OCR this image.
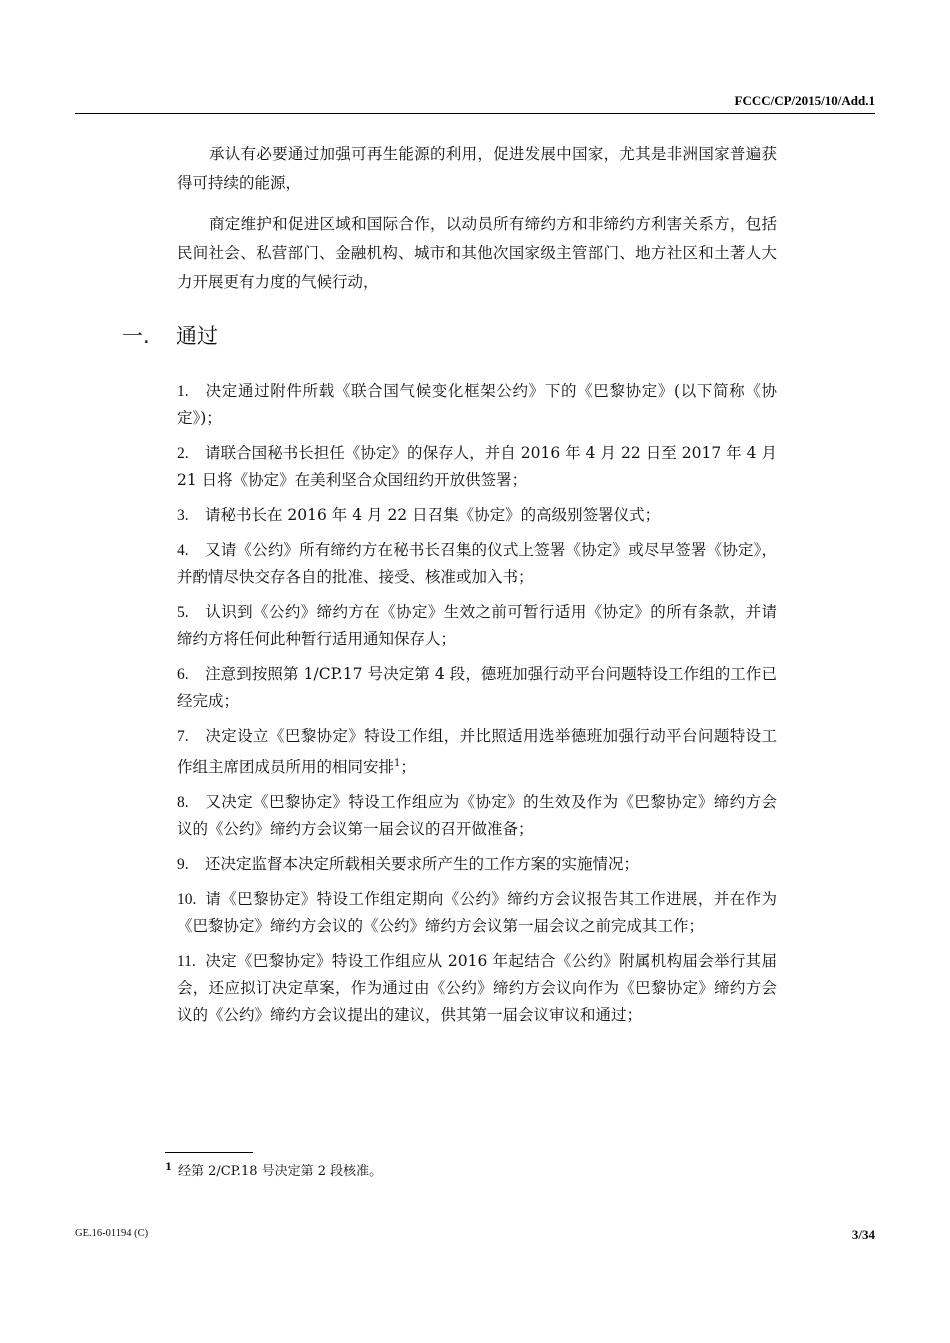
FCCC/CP/2015/10/Add.1

承认有必要通过加强可再生能源的利用，促进发展中国家，尤其是非洲国家普遍获得可持续的能源，

商定维护和促进区域和国际合作，以动员所有缔约方和非缔约方利害关系方，包括民间社会、私营部门、金融机构、城市和其他次国家级主管部门、地方社区和土著人大力开展更有力度的气候行动，

一.	通过

1. 决定通过附件所载《联合国气候变化框架公约》下的《巴黎协定》(以下简称《协定》)；

2. 请联合国秘书长担任《协定》的保存人，并自 2016 年 4 月 22 日至 2017 年 4 月 21 日将《协定》在美利坚合众国纽约开放供签署；

3. 请秘书长在 2016 年 4 月 22 日召集《协定》的高级别签署仪式；

4. 又请《公约》所有缔约方在秘书长召集的仪式上签署《协定》或尽早签署《协定》，并酌情尽快交存各自的批准、接受、核准或加入书；

5. 认识到《公约》缔约方在《协定》生效之前可暂行适用《协定》的所有条款，并请缔约方将任何此种暂行适用通知保存人；

6. 注意到按照第 1/CP.17 号决定第 4 段，德班加强行动平台问题特设工作组的工作已经完成；

7. 决定设立《巴黎协定》特设工作组，并比照适用选举德班加强行动平台问题特设工作组主席团成员所用的相同安排$^1$；

8. 又决定《巴黎协定》特设工作组应为《协定》的生效及作为《巴黎协定》缔约方会议的《公约》缔约方会议第一届会议的召开做准备；

9. 还决定监督本决定所载相关要求所产生的工作方案的实施情况；

10. 请《巴黎协定》特设工作组定期向《公约》缔约方会议报告其工作进展，并在作为《巴黎协定》缔约方会议的《公约》缔约方会议第一届会议之前完成其工作；

11. 决定《巴黎协定》特设工作组应从 2016 年起结合《公约》附属机构届会举行其届会，还应拟订决定草案，作为通过由《公约》缔约方会议向作为《巴黎协定》缔约方会议的《公约》缔约方会议提出的建议，供其第一届会议审议和通过；

$^1$ 经第 2/CP.18 号决定第 2 段核准。
GE.16-01194 (C)	3/34
